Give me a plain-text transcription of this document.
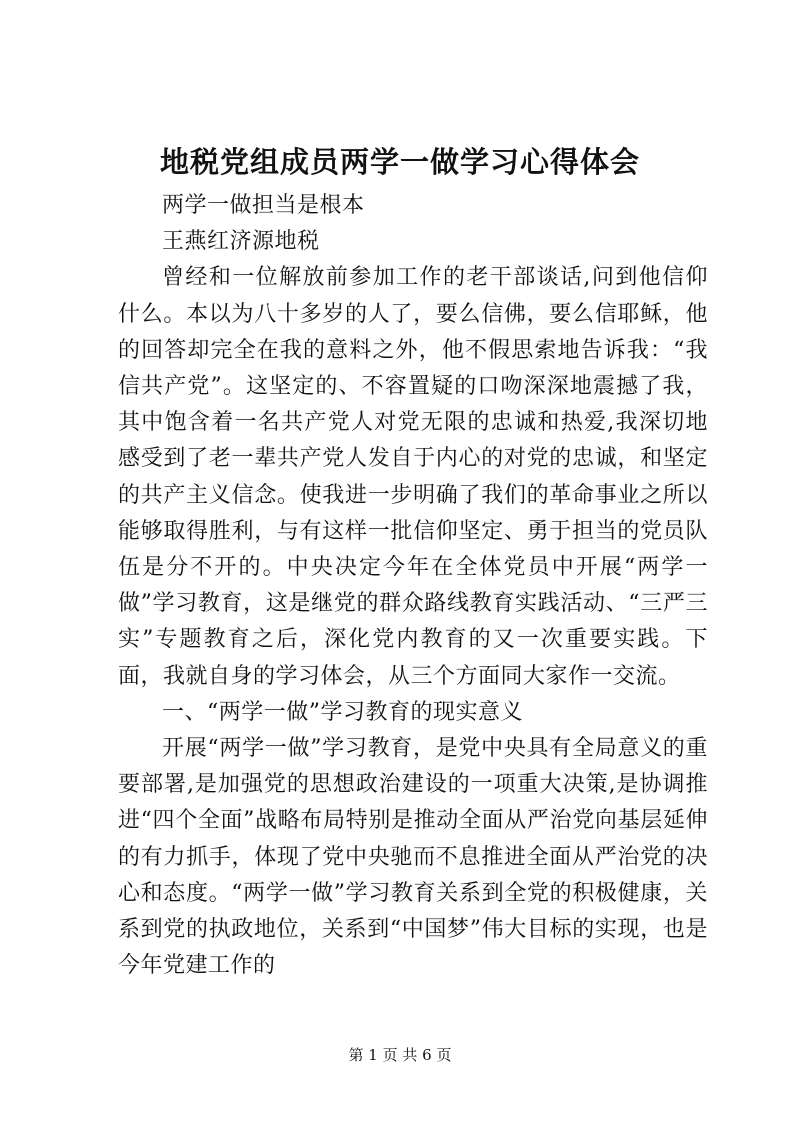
地税党组成员两学一做学习心得体会

两学一做担当是根本

王燕红济源地税

曾经和一位解放前参加工作的老干部谈话,问到他信仰什么。本以为八十多岁的人了，要么信佛，要么信耶稣，他的回答却完全在我的意料之外，他不假思索地告诉我：“我信共产党”。这坚定的、不容置疑的口吻深深地震撼了我，其中饱含着一名共产党人对党无限的忠诚和热爱,我深切地感受到了老一辈共产党人发自于内心的对党的忠诚，和坚定的共产主义信念。使我进一步明确了我们的革命事业之所以能够取得胜利，与有这样一批信仰坚定、勇于担当的党员队伍是分不开的。中央决定今年在全体党员中开展“两学一做”学习教育，这是继党的群众路线教育实践活动、“三严三实”专题教育之后，深化党内教育的又一次重要实践。下面，我就自身的学习体会，从三个方面同大家作一交流。

一、“两学一做”学习教育的现实意义

开展“两学一做”学习教育，是党中央具有全局意义的重要部署,是加强党的思想政治建设的一项重大决策,是协调推进“四个全面”战略布局特别是推动全面从严治党向基层延伸的有力抓手，体现了党中央驰而不息推进全面从严治党的决心和态度。“两学一做”学习教育关系到全党的积极健康，关系到党的执政地位，关系到“中国梦”伟大目标的实现，也是今年党建工作的

第 1 页 共 6 页
